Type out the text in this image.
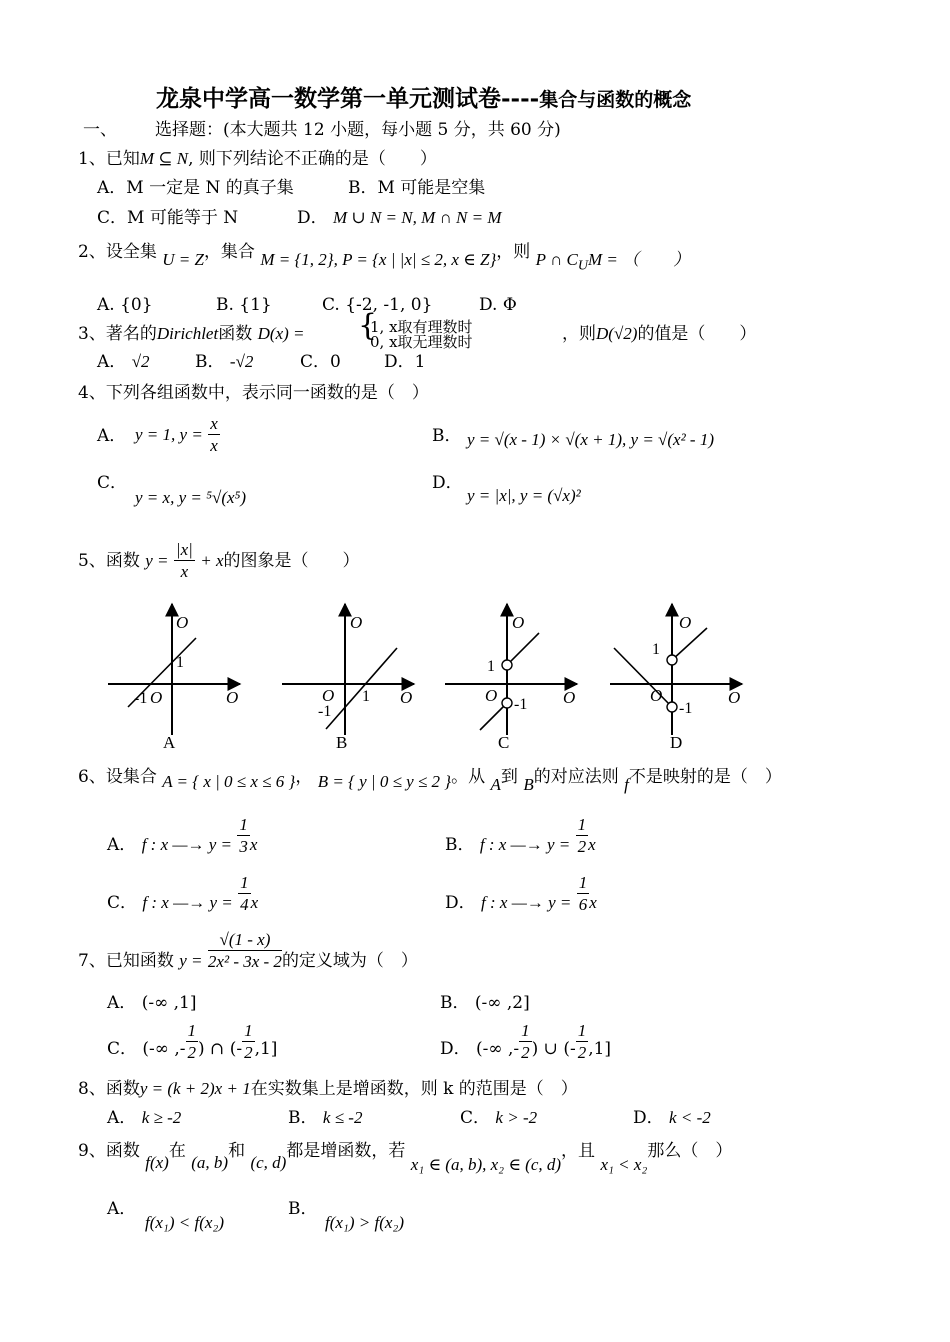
龙泉中学高一数学第一单元测试卷----集合与函数的概念
一、 选择题：(本大题共 12 小题，每小题 5 分，共 60 分)
1、已知M ⊆ N, 则下列结论不正确的是（　　）
A．M 一定是 N 的真子集	B．M 可能是空集
C．M 可能等于 N	D． M ∪ N = N, M ∩ N = M
2、设全集 U = Z，集合 M = {1, 2}, P = {x | |x| ≤ 2, x ∈ Z}，则 P ∩ $C_UM$ = （　　）
A. {0}	B. {1}	C. {-2, -1, 0}	D. Φ
3、著名的Dirichlet函数 D(x) = {
1, x取有理数时
0, x取无理数时	，则D(√2)的值是（　　）
A． √2	B． -√2	C．0	D．1
4、下列各组函数中，表示同一函数的是（　）
A． y = 1, $y = \frac{x}{x}$	B． y = √(x - 1) × √(x + 1), y = √(x² - 1)
C．
y = x, y = ⁵√(x⁵)
D．
y = |x|, y = (√x)²
5、函数 $y = \frac{|x|}{x} + x$的图象是（　　）
O
O
1
-1 O
A
O
O
O 1
-1
B
O
O
1
O -1
C
O
O
1
O
-1
D
6、设集合 A = { x | 0 ≤ x ≤ 6 }， B = { y | 0 ≤ y ≤ 2 }。从 A到 B的对应法则 f不是映射的是（　）
A． f : x —→ $y = \frac{1}{3}$ x	B． f : x —→ $y = \frac{1}{2}$ x
C． f : x —→ $y = \frac{1}{4}$ x	D． f : x —→ $y = \frac{1}{6}$ x
7、已知函数 $y = \frac{√(1 - x)}{\text{2x² - 3x - 2}}$ 的定义域为（　）
A． (-∞ ,1]	B． (-∞ ,2]
C． (-∞ ,- $\frac{1}{2}$ ) ∩ (- $\frac{1}{2} ,1$]	D． (-∞ ,- $\frac{1}{2}$ ) ∪ (- $\frac{1}{2} ,1$]
8、函数y = (k + 2)x + 1在实数集上是增函数，则 k 的范围是（　）
A． k ≥ -2	B． k ≤ -2	C． k > -2	D． k < -2
9、函数 f(x)在 (a, b)和 (c, d)都是增函数，若 x₁ ∈ (a, b), x₂ ∈ (c, d)，且 x₁ < x₂那么（　）
A．
f(x₁) < f(x₂)
B．
f(x₁) > f(x₂)
